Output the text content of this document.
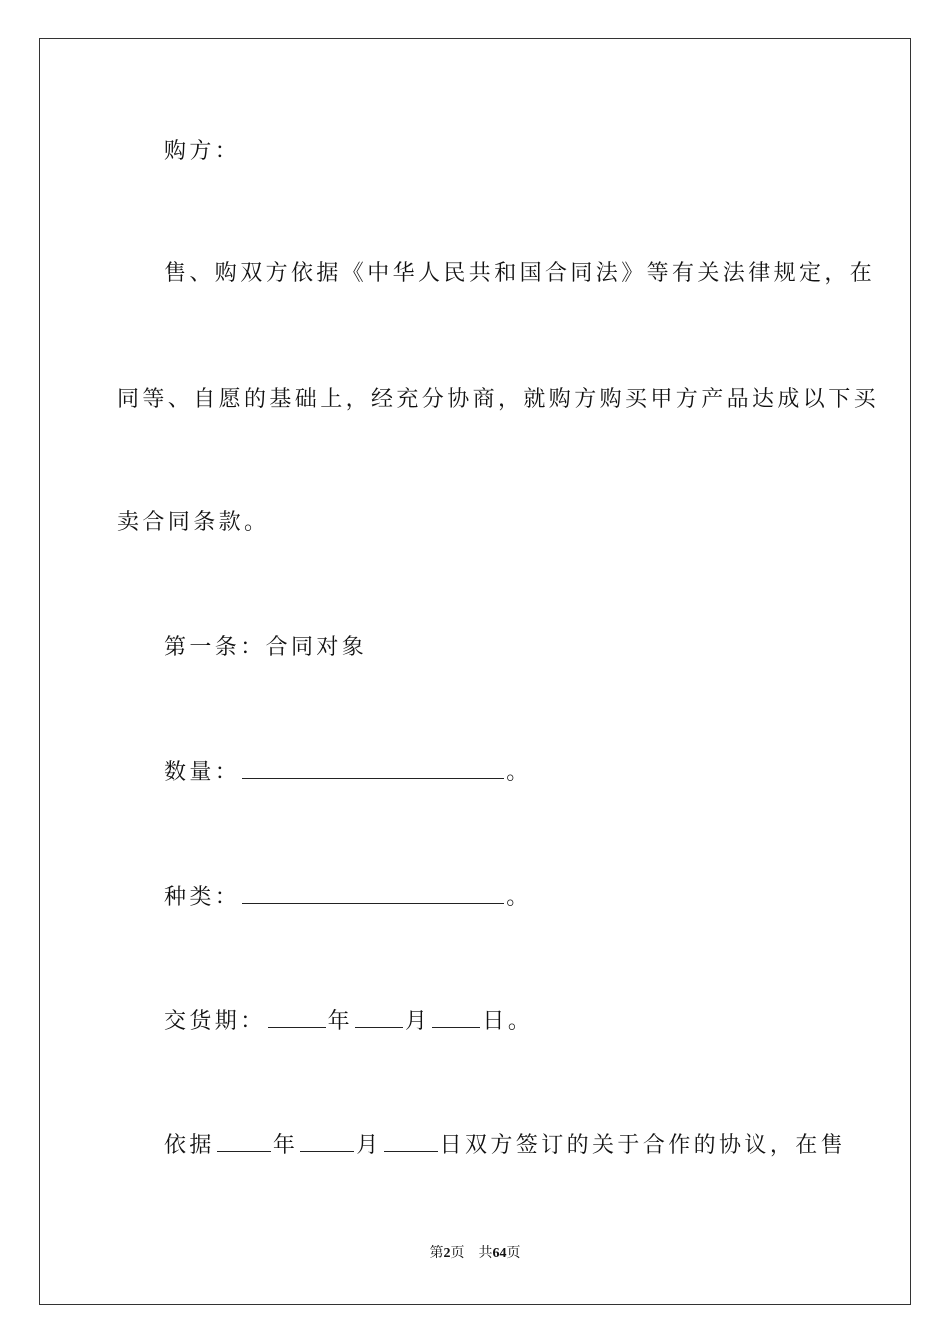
购方：
售、购双方依据《中华人民共和国合同法》等有关法律规定，在
同等、自愿的基础上，经充分协商，就购方购买甲方产品达成以下买
卖合同条款。
第一条：合同对象
数量：	。
种类：	。
交货期：	年 月 日。
依据	年	月	日双方签订的关于合作的协议，在售
第2页　共64页
